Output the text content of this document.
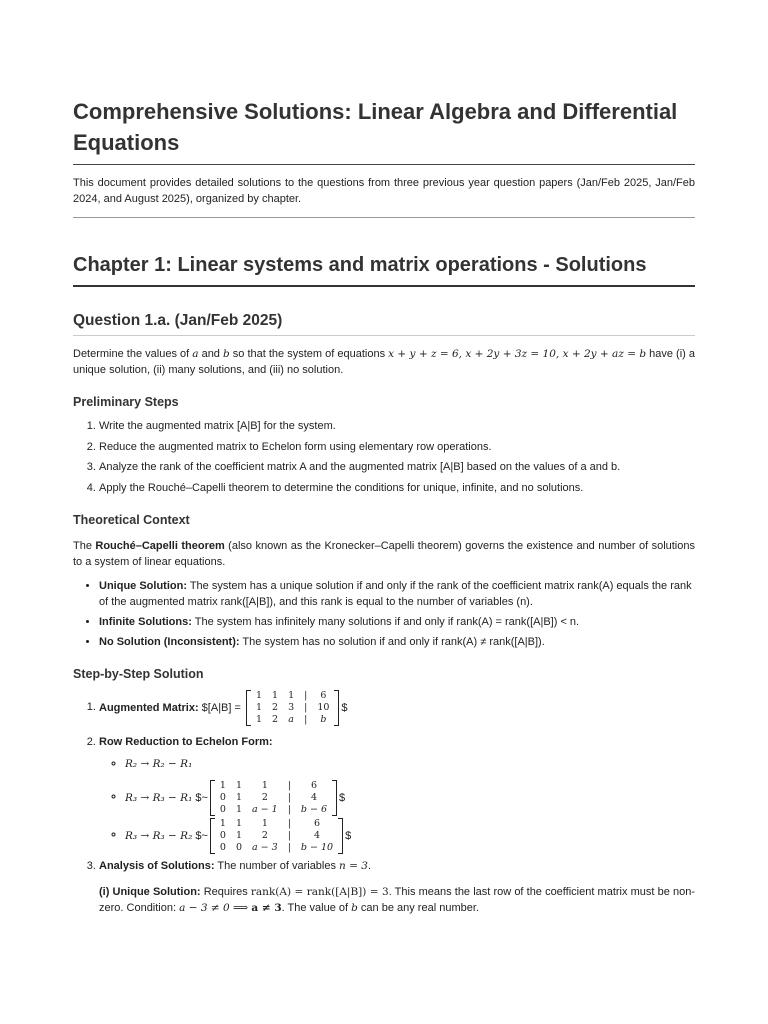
Comprehensive Solutions: Linear Algebra and Differential Equations

This document provides detailed solutions to the questions from three previous year question papers (Jan/Feb 2025, Jan/Feb 2024, and August 2025), organized by chapter.

Chapter 1: Linear systems and matrix operations - Solutions
Question 1.a. (Jan/Feb 2025)

Determine the values of a and b so that the system of equations x + y + z = 6, x + 2y + 3z = 10, x + 2y + az = b have (i) a unique solution, (ii) many solutions, and (iii) no solution.

Preliminary Steps
1. Write the augmented matrix [A|B] for the system.
2. Reduce the augmented matrix to Echelon form using elementary row operations.
3. Analyze the rank of the coefficient matrix A and the augmented matrix [A|B] based on the values of a and b.
4. Apply the Rouché–Capelli theorem to determine the conditions for unique, infinite, and no solutions.
Theoretical Context

The Rouché–Capelli theorem (also known as the Kronecker–Capelli theorem) governs the existence and number of solutions to a system of linear equations.

• Unique Solution: The system has a unique solution if and only if the rank of the coefficient matrix rank(A) equals the rank of the augmented matrix rank([A|B]), and this rank is equal to the number of variables (n).
• Infinite Solutions: The system has infinitely many solutions if and only if rank(A) = rank([A|B]) < n.
• No Solution (Inconsistent): The system has no solution if and only if rank(A) ≠ rank([A|B]).
Step-by-Step Solution
1. Augmented Matrix: $[A|B] =
1	1	1	|	6
1	2	3	|	10
1	2	a	|	b
$
2. Row Reduction to Echelon Form:
◦ R₂ → R₂ − R₁
◦ R₃ → R₃ − R₁ $~
1	1	1	|	6
0	1	2	|	4
0	1	a − 1	|	b − 6
$
◦ R₃ → R₃ − R₂ $~
1	1	1	|	6
0	1	2	|	4
0	0	a − 3	|	b − 10
$
3. Analysis of Solutions: The number of variables n = 3.

(i) Unique Solution: Requires rank(A) = rank([A|B]) = 3. This means the last row of the coefficient matrix must be non-zero. Condition: a − 3 ≠ 0 ⟹ a ≠ 3. The value of b can be any real number.
